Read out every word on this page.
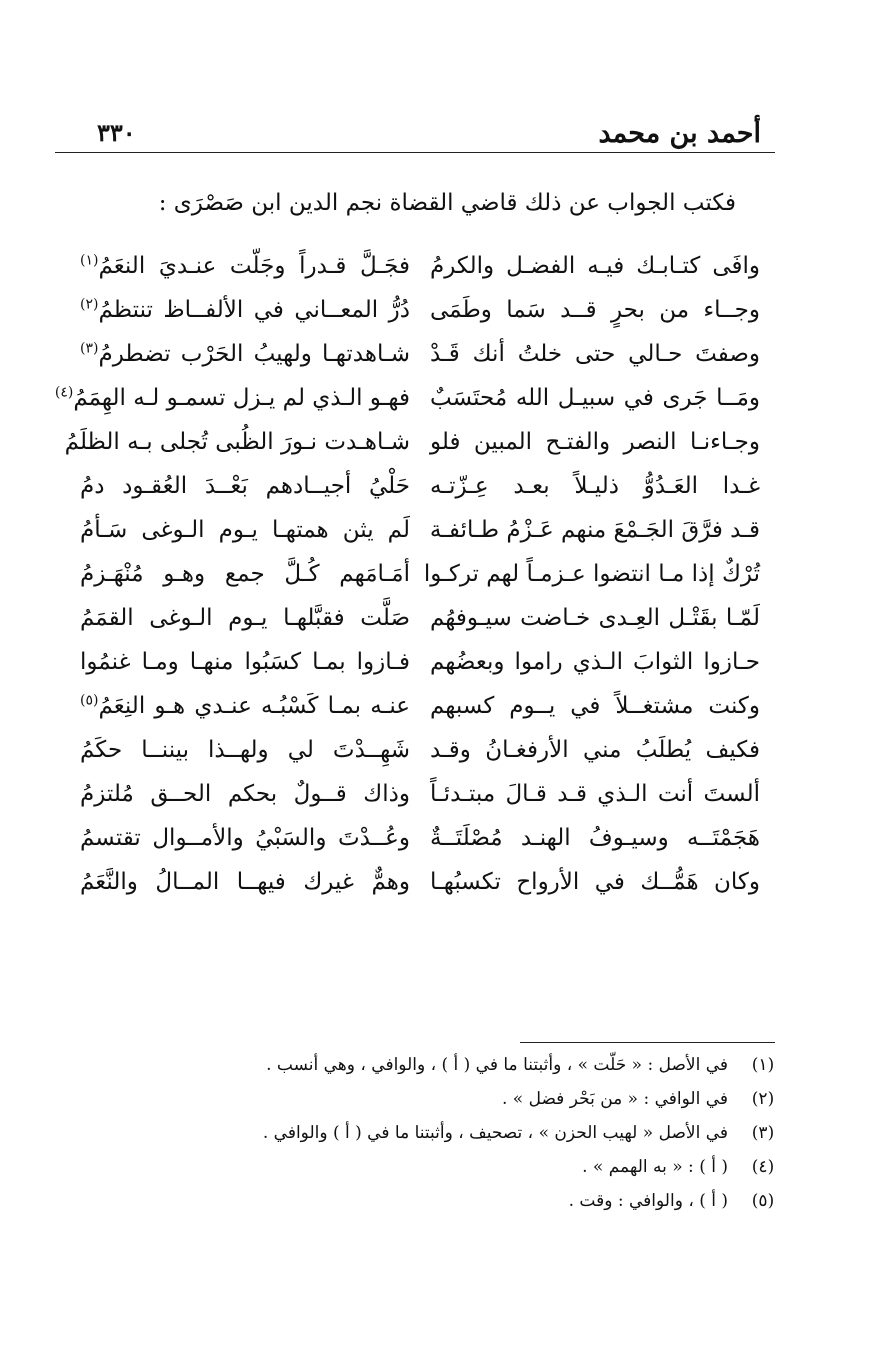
أحمد بن محمد
٣٣٠
فكتب الجواب عن ذلك قاضي القضاة نجم الدين ابن صَصْرَى :
وافَى كتـابـك فيـه الفضـل والكرمُ
فجَـلَّ قـدراً وجَلّت عنـديَ النعَمُ$^{(١)}$
وجــاء من بحرٍ قــد سَما وطَمَى
دُرُّ المعــاني في الألفــاظ تنتظمُ$^{(٢)}$
وصفتَ حـالي حتى خلتُ أنك قَـدْ
شـاهدتهـا ولهيبُ الحَرْب تضطرمُ$^{(٣)}$
ومَــا جَرى في سبيـل الله مُحتَسَبٌ
فهـو الـذي لم يـزل تسمـو لـه الهِمَمُ$^{(٤)}$
وجـاءنـا النصر والفتـح المبين فلو
شـاهـدت نـورَ الظُبى تُجلى بـه الظلَمُ
غـدا العَـدُوُّ ذليـلاً بعـد عِـزّتـه
حَلْيُ أجيــادهم بَعْــدَ العُقـود دمُ
قـد فرَّقَ الجَـمْعَ منهم عَـزْمُ طـائفـة
لَم يثن همتهـا يـوم الـوغى سَـأمُ
تُرْكٌ إذا مـا انتضوا عـزمـاً لهم تركـوا
أمَـامَهم كُـلَّ جمع وهـو مُنْهَـزمُ
لَمّـا بقَتْـل العِـدى خـاضت سيـوفهُم
صَلَّت فقبَّلهـا يـوم الـوغى القمَمُ
حـازوا الثوابَ الـذي راموا وبعضُهم
فـازوا بمـا كسَبُوا منهـا ومـا غنمُوا
وكنت مشتغــلاً في يــوم كسبهم
عنـه بمـا كَسْبُـه عنـدي هـو النِعَمُ$^{(٥)}$
فكيف يُطلَبُ مني الأرفغـانُ وقـد
شَهِــدْتَ لي ولهــذا بيننــا حكَمُ
ألستَ أنت الـذي قـد قـالَ مبتـدئـاً
وذاك قــولٌ بحكم الحــق مُلتزمُ
هَجَمْتَــه وسيـوفُ الهنـد مُصْلَتَــةٌ
وعُــدْتَ والسَبْيُ والأمــوال تقتسمُ
وكان هَمُّــك في الأرواح تكسبُهـا
وهمٌّ غيرك فيهــا المــالُ والنَّعَمُ
(١)
في الأصل : « حَلّت » ، وأثبتنا ما في ( أ ) ، والوافي ، وهي أنسب .
(٢)
في الوافي : « من بَحْر فضل » .
(٣)
في الأصل « لهيب الحزن » ، تصحيف ، وأثبتنا ما في ( أ ) والوافي .
(٤)
( أ ) : « به الهمم » .
(٥)
( أ ) ، والوافي : وقت .
